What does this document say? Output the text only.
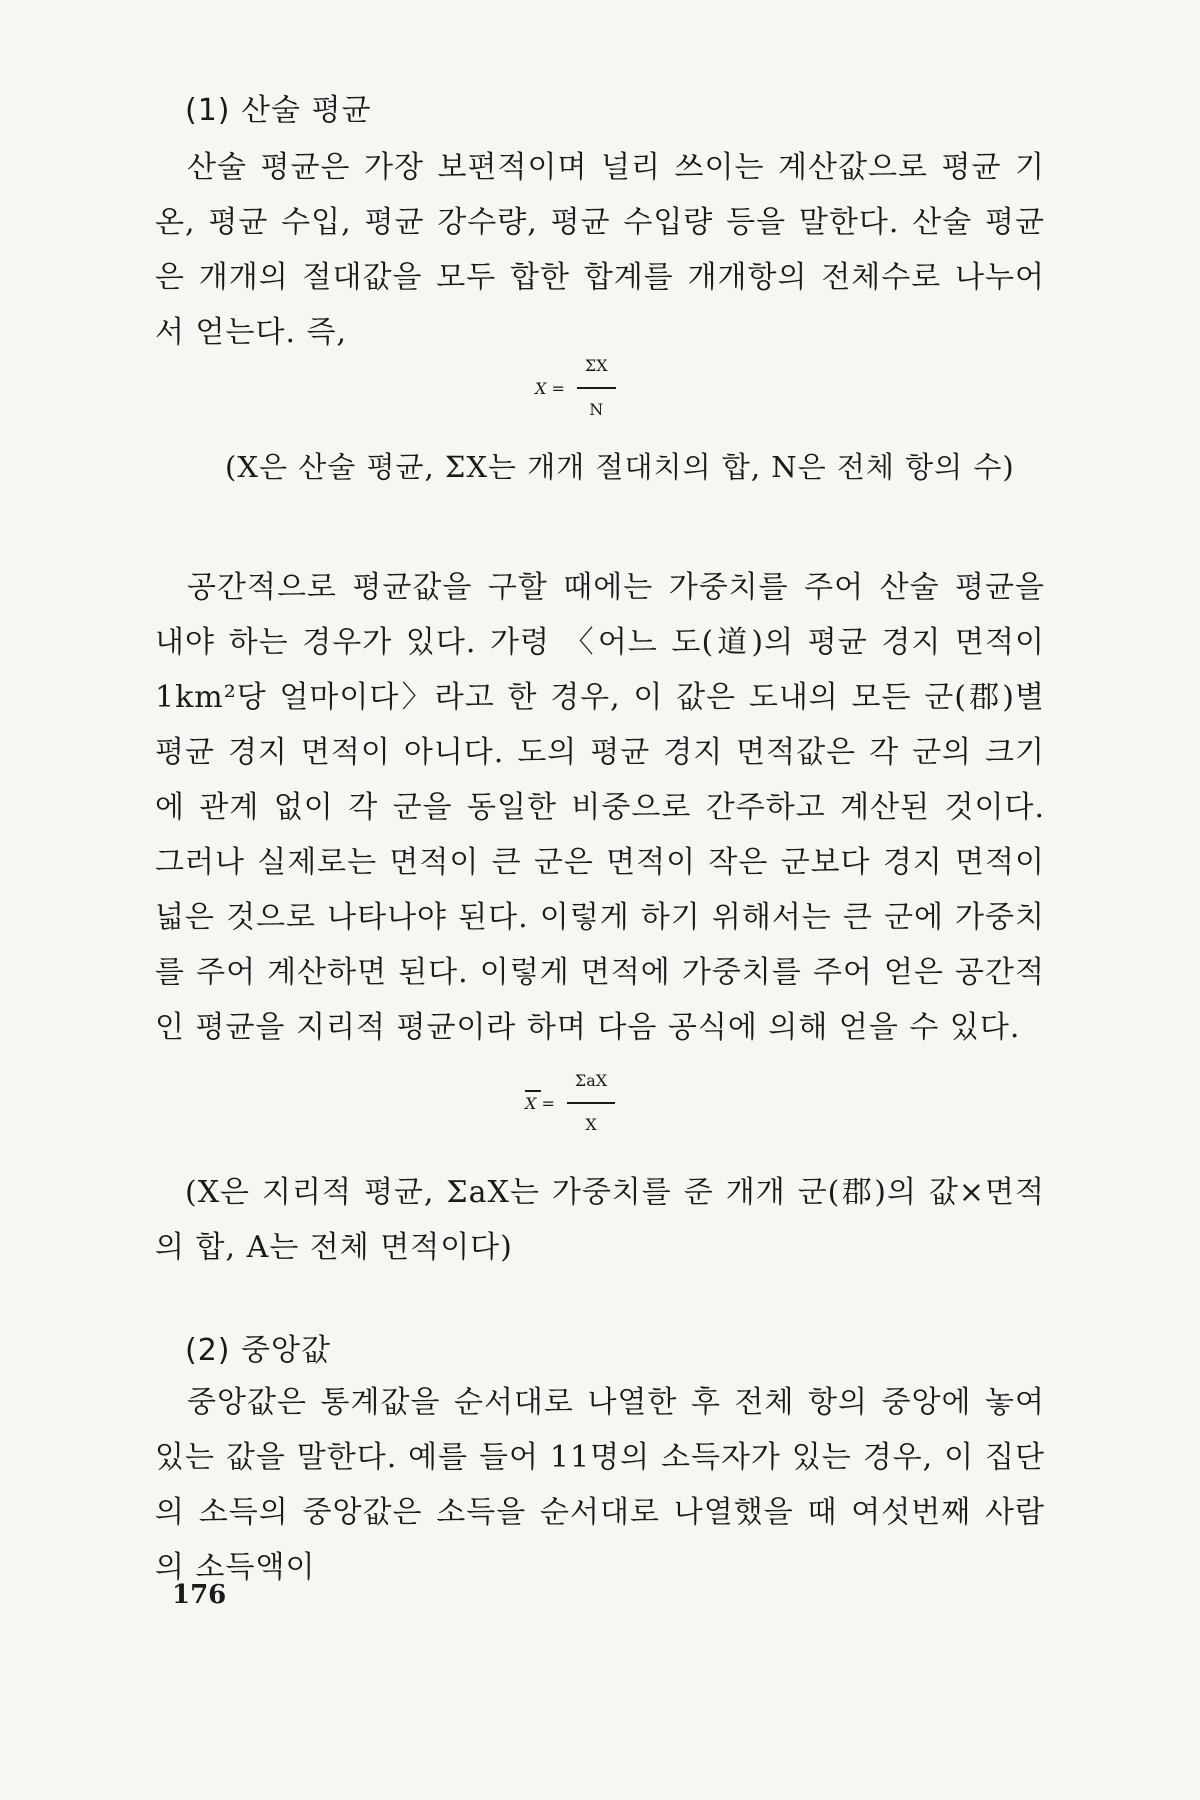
(1) 산술 평균
산술 평균은 가장 보편적이며 널리 쓰이는 계산값으로 평균 기온, 평균 수입, 평균 강수량, 평균 수입량 등을 말한다. 산술 평균은 개개의 절대값을 모두 합한 합계를 개개항의 전체수로 나누어서 얻는다. 즉,
$X = \frac{\Sigma X}{N}$
(X은 산술 평균, ΣX는 개개 절대치의 합, N은 전체 항의 수)
공간적으로 평균값을 구할 때에는 가중치를 주어 산술 평균을 내야 하는 경우가 있다. 가령 〈어느 도(道)의 평균 경지 면적이 1km²당 얼마이다〉라고 한 경우, 이 값은 도내의 모든 군(郡)별 평균 경지 면적이 아니다. 도의 평균 경지 면적값은 각 군의 크기에 관계 없이 각 군을 동일한 비중으로 간주하고 계산된 것이다. 그러나 실제로는 면적이 큰 군은 면적이 작은 군보다 경지 면적이 넓은 것으로 나타나야 된다. 이렇게 하기 위해서는 큰 군에 가중치를 주어 계산하면 된다. 이렇게 면적에 가중치를 주어 얻은 공간적인 평균을 지리적 평균이라 하며 다음 공식에 의해 얻을 수 있다.
$X = \frac{\text{ΣaX}}{X}$
(X은 지리적 평균, ΣaX는 가중치를 준 개개 군(郡)의 값×면적의 합, A는 전체 면적이다)
(2) 중앙값
중앙값은 통계값을 순서대로 나열한 후 전체 항의 중앙에 놓여 있는 값을 말한다. 예를 들어 11명의 소득자가 있는 경우, 이 집단의 소득의 중앙값은 소득을 순서대로 나열했을 때 여섯번째 사람의 소득액이
176
